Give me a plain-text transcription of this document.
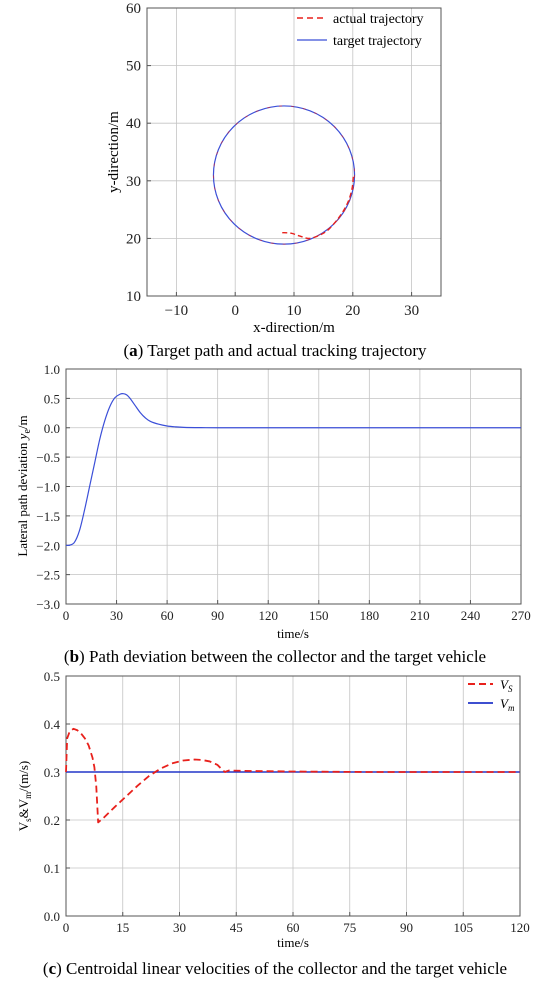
−10	0	10	20	30
10
20
30
40
50
60
actual trajectory
target trajectory
x-direction/m
y-direction/m
(a) Target path and actual tracking trajectory
0	30	60	90	120 150 180 210 240 270
1.0
0.5
0.0
−0.5
−1.0
−1.5
−2.0
−2.5
−3.0
time/s
Lateral path deviation $y_e/m$
(b) Path deviation between the collector and the target vehicle
0	15	30	45	60	75	90	105	120
0.0
0.1
0.2
0.3
0.4
0.5
$V_S$
$V_m$
time/s
$V_s\&V_m/(m/s)$
(c) Centroidal linear velocities of the collector and the target vehicle
